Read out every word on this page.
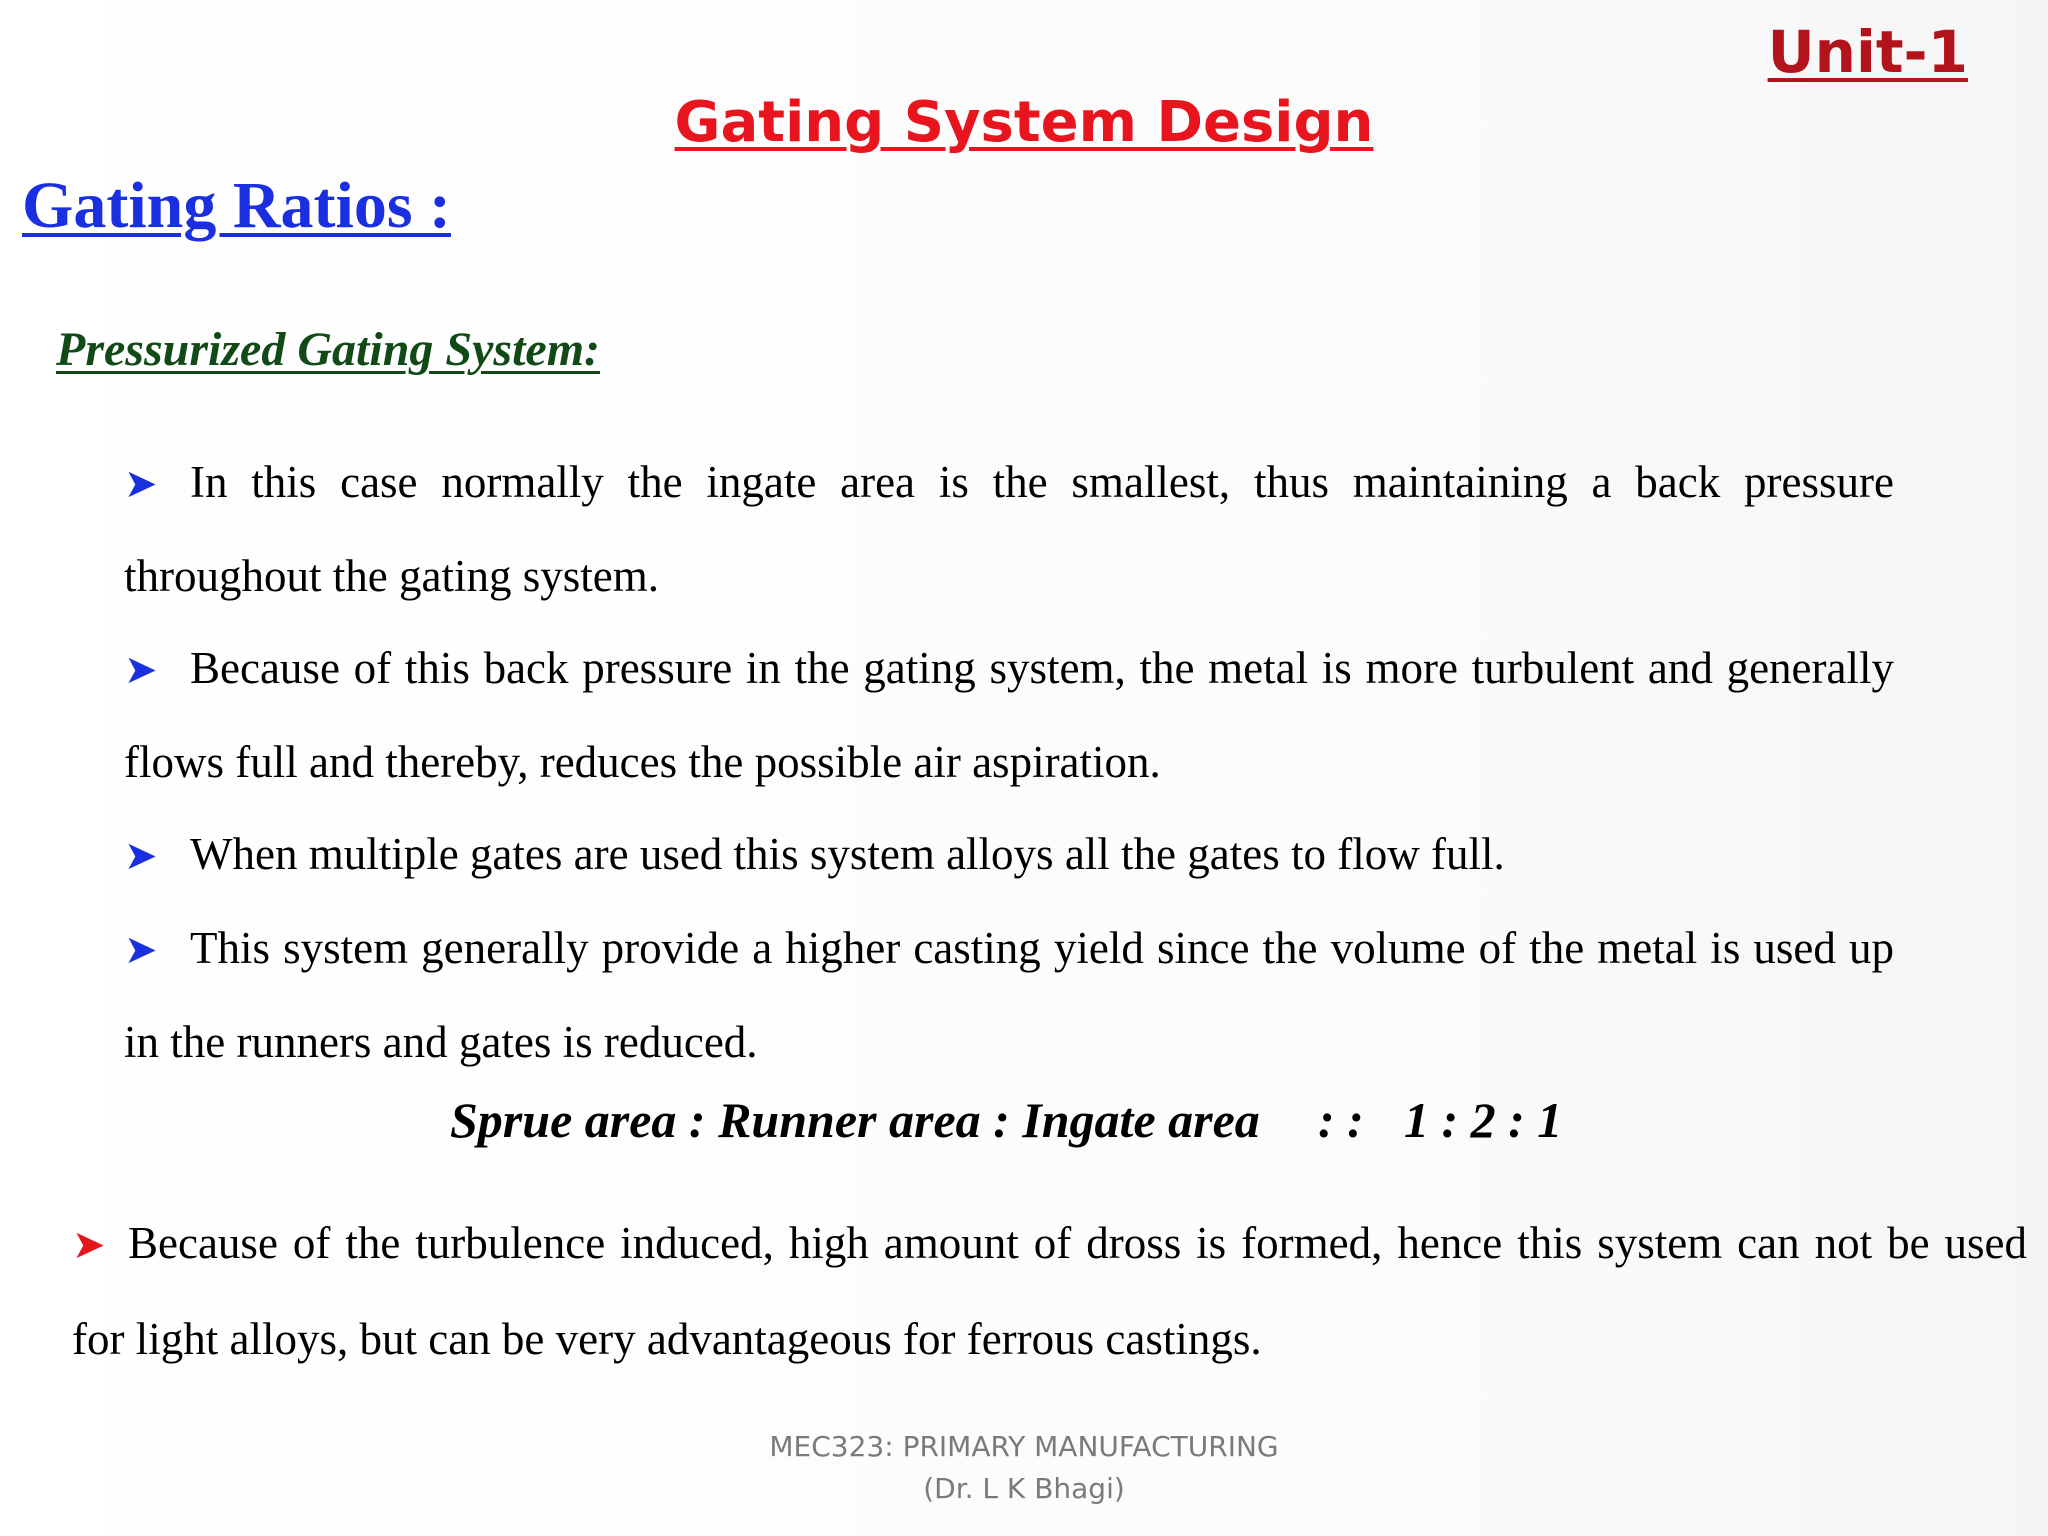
Unit-1
Gating System Design
Gating Ratios :
Pressurized Gating System:
➤ In this case normally the ingate area is the smallest, thus maintaining a back pressure throughout the gating system.
➤ Because of this back pressure in the gating system, the metal is more turbulent and generally flows full and thereby, reduces the possible air aspiration.
➤ When multiple gates are used this system alloys all the gates to flow full.
➤ This system generally provide a higher casting yield since the volume of the metal is used up in the runners and gates is reduced.
Sprue area : Runner area : Ingate area : : 1 : 2 : 1

➤ Because of the turbulence induced, high amount of dross is formed, hence this system can not be used for light alloys, but can be very advantageous for ferrous castings.

MEC323: PRIMARY MANUFACTURING
(Dr. L K Bhagi)
